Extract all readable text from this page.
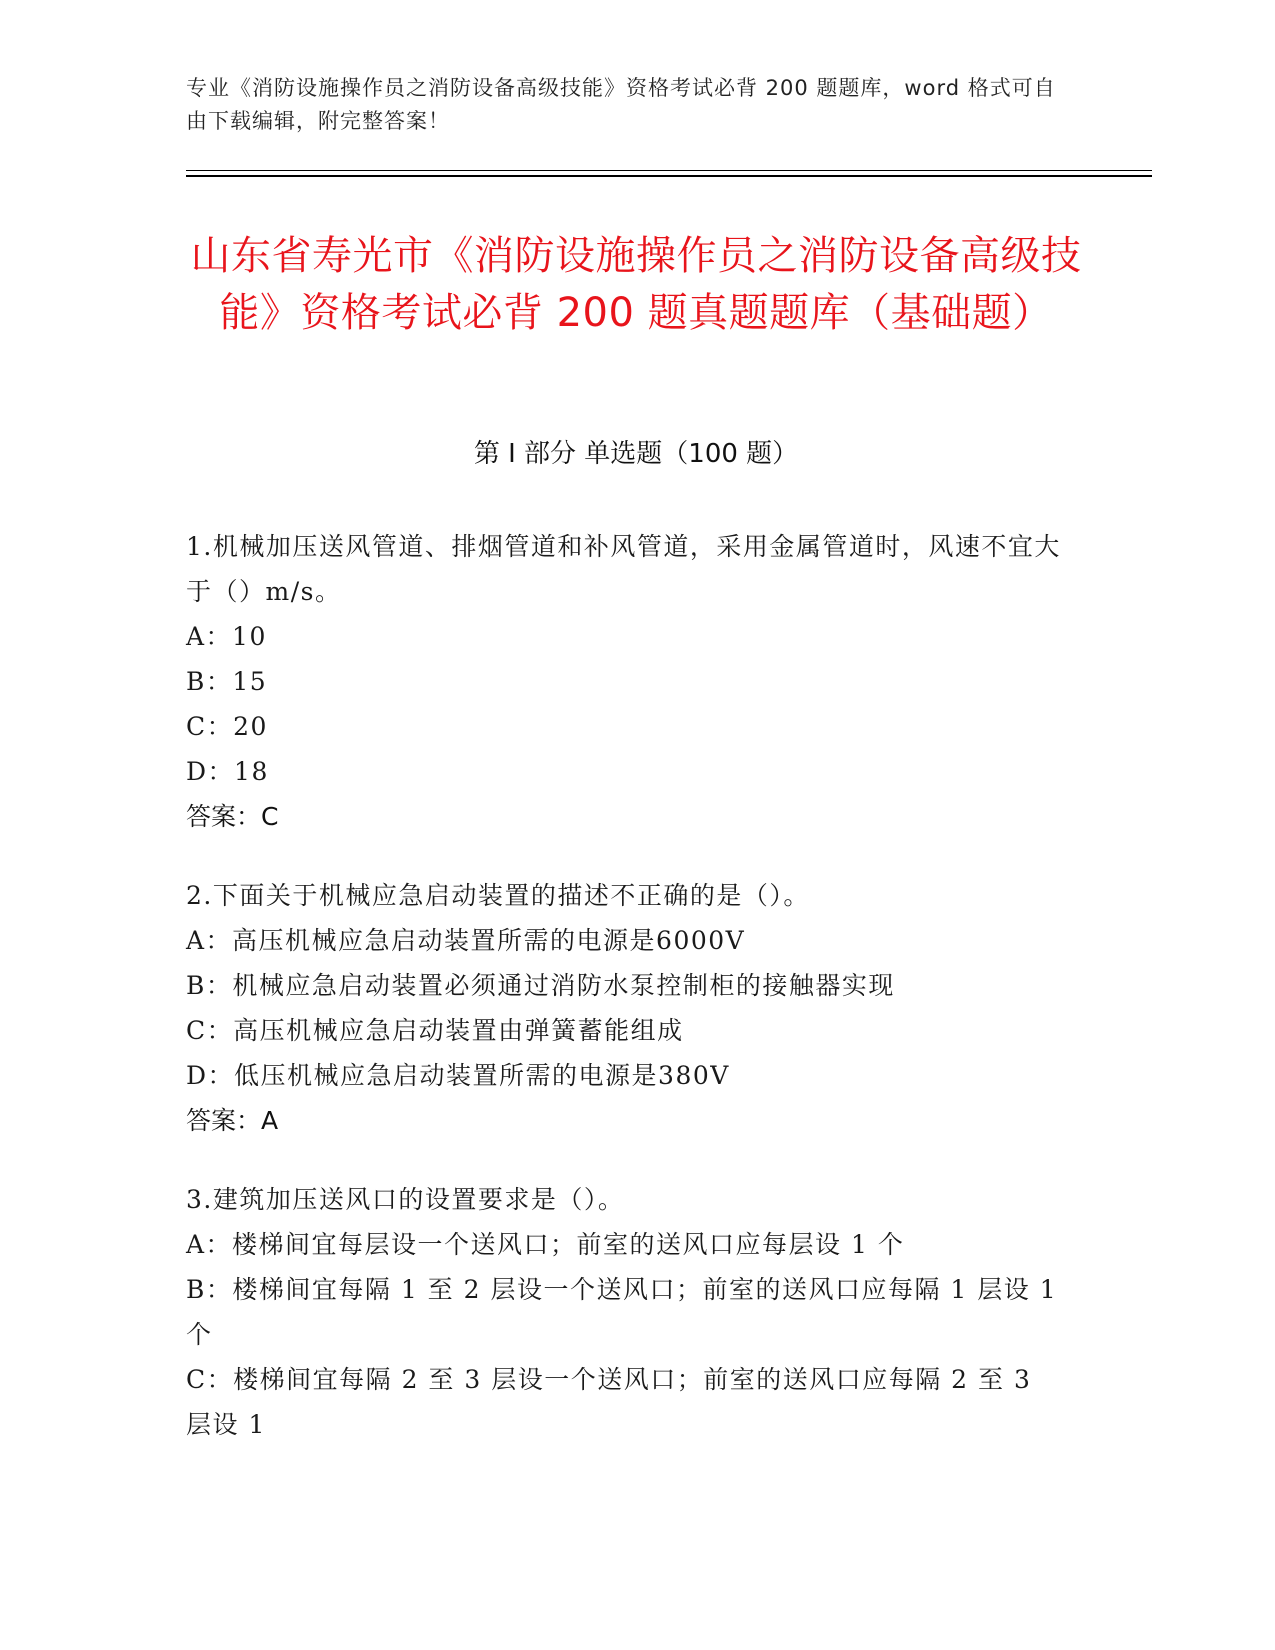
专业《消防设施操作员之消防设备高级技能》资格考试必背 200 题题库，word 格式可自由下载编辑，附完整答案！
山东省寿光市《消防设施操作员之消防设备高级技能》资格考试必背 200 题真题题库（基础题）
第 I 部分 单选题（100 题）
1.机械加压送风管道、排烟管道和补风管道，采用金属管道时，风速不宜大于（）m/s。
A：10
B：15
C：20
D：18
答案：C
2.下面关于机械应急启动装置的描述不正确的是（）。
A：高压机械应急启动装置所需的电源是6000V
B：机械应急启动装置必须通过消防水泵控制柜的接触器实现
C：高压机械应急启动装置由弹簧蓄能组成
D：低压机械应急启动装置所需的电源是380V
答案：A
3.建筑加压送风口的设置要求是（）。
A：楼梯间宜每层设一个送风口；前室的送风口应每层设 1 个
B：楼梯间宜每隔 1 至 2 层设一个送风口；前室的送风口应每隔 1 层设 1 个
C：楼梯间宜每隔 2 至 3 层设一个送风口；前室的送风口应每隔 2 至 3 层设 1
